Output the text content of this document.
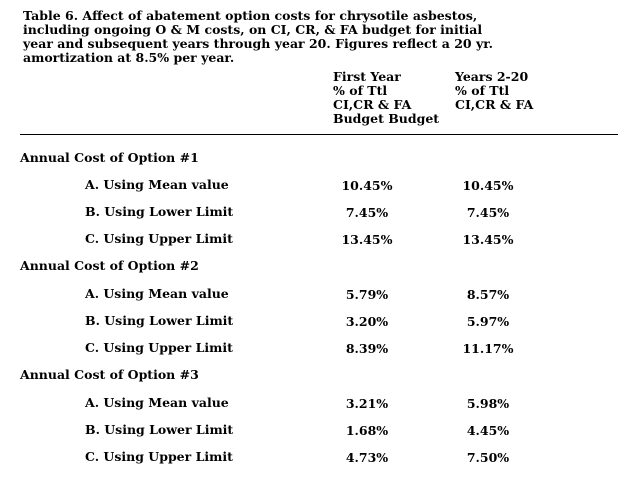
Table 6. Affect of abatement option costs for chrysotile asbestos,
including ongoing O & M costs, on CI, CR, & FA budget for initial
year and subsequent years through year 20. Figures reflect a 20 yr.
amortization at 8.5% per year.
First Year
% of Ttl
CI,CR & FA
Budget Budget
Years 2-20
% of Ttl
CI,CR & FA
Annual Cost of Option #1
A. Using Mean value	10.45%	10.45%
B. Using Lower Limit	7.45%	7.45%
C. Using Upper Limit	13.45%	13.45%
Annual Cost of Option #2
A. Using Mean value	5.79%	8.57%
B. Using Lower Limit	3.20%	5.97%
C. Using Upper Limit	8.39%	11.17%
Annual Cost of Option #3
A. Using Mean value	3.21%	5.98%
B. Using Lower Limit	1.68%	4.45%
C. Using Upper Limit	4.73%	7.50%
